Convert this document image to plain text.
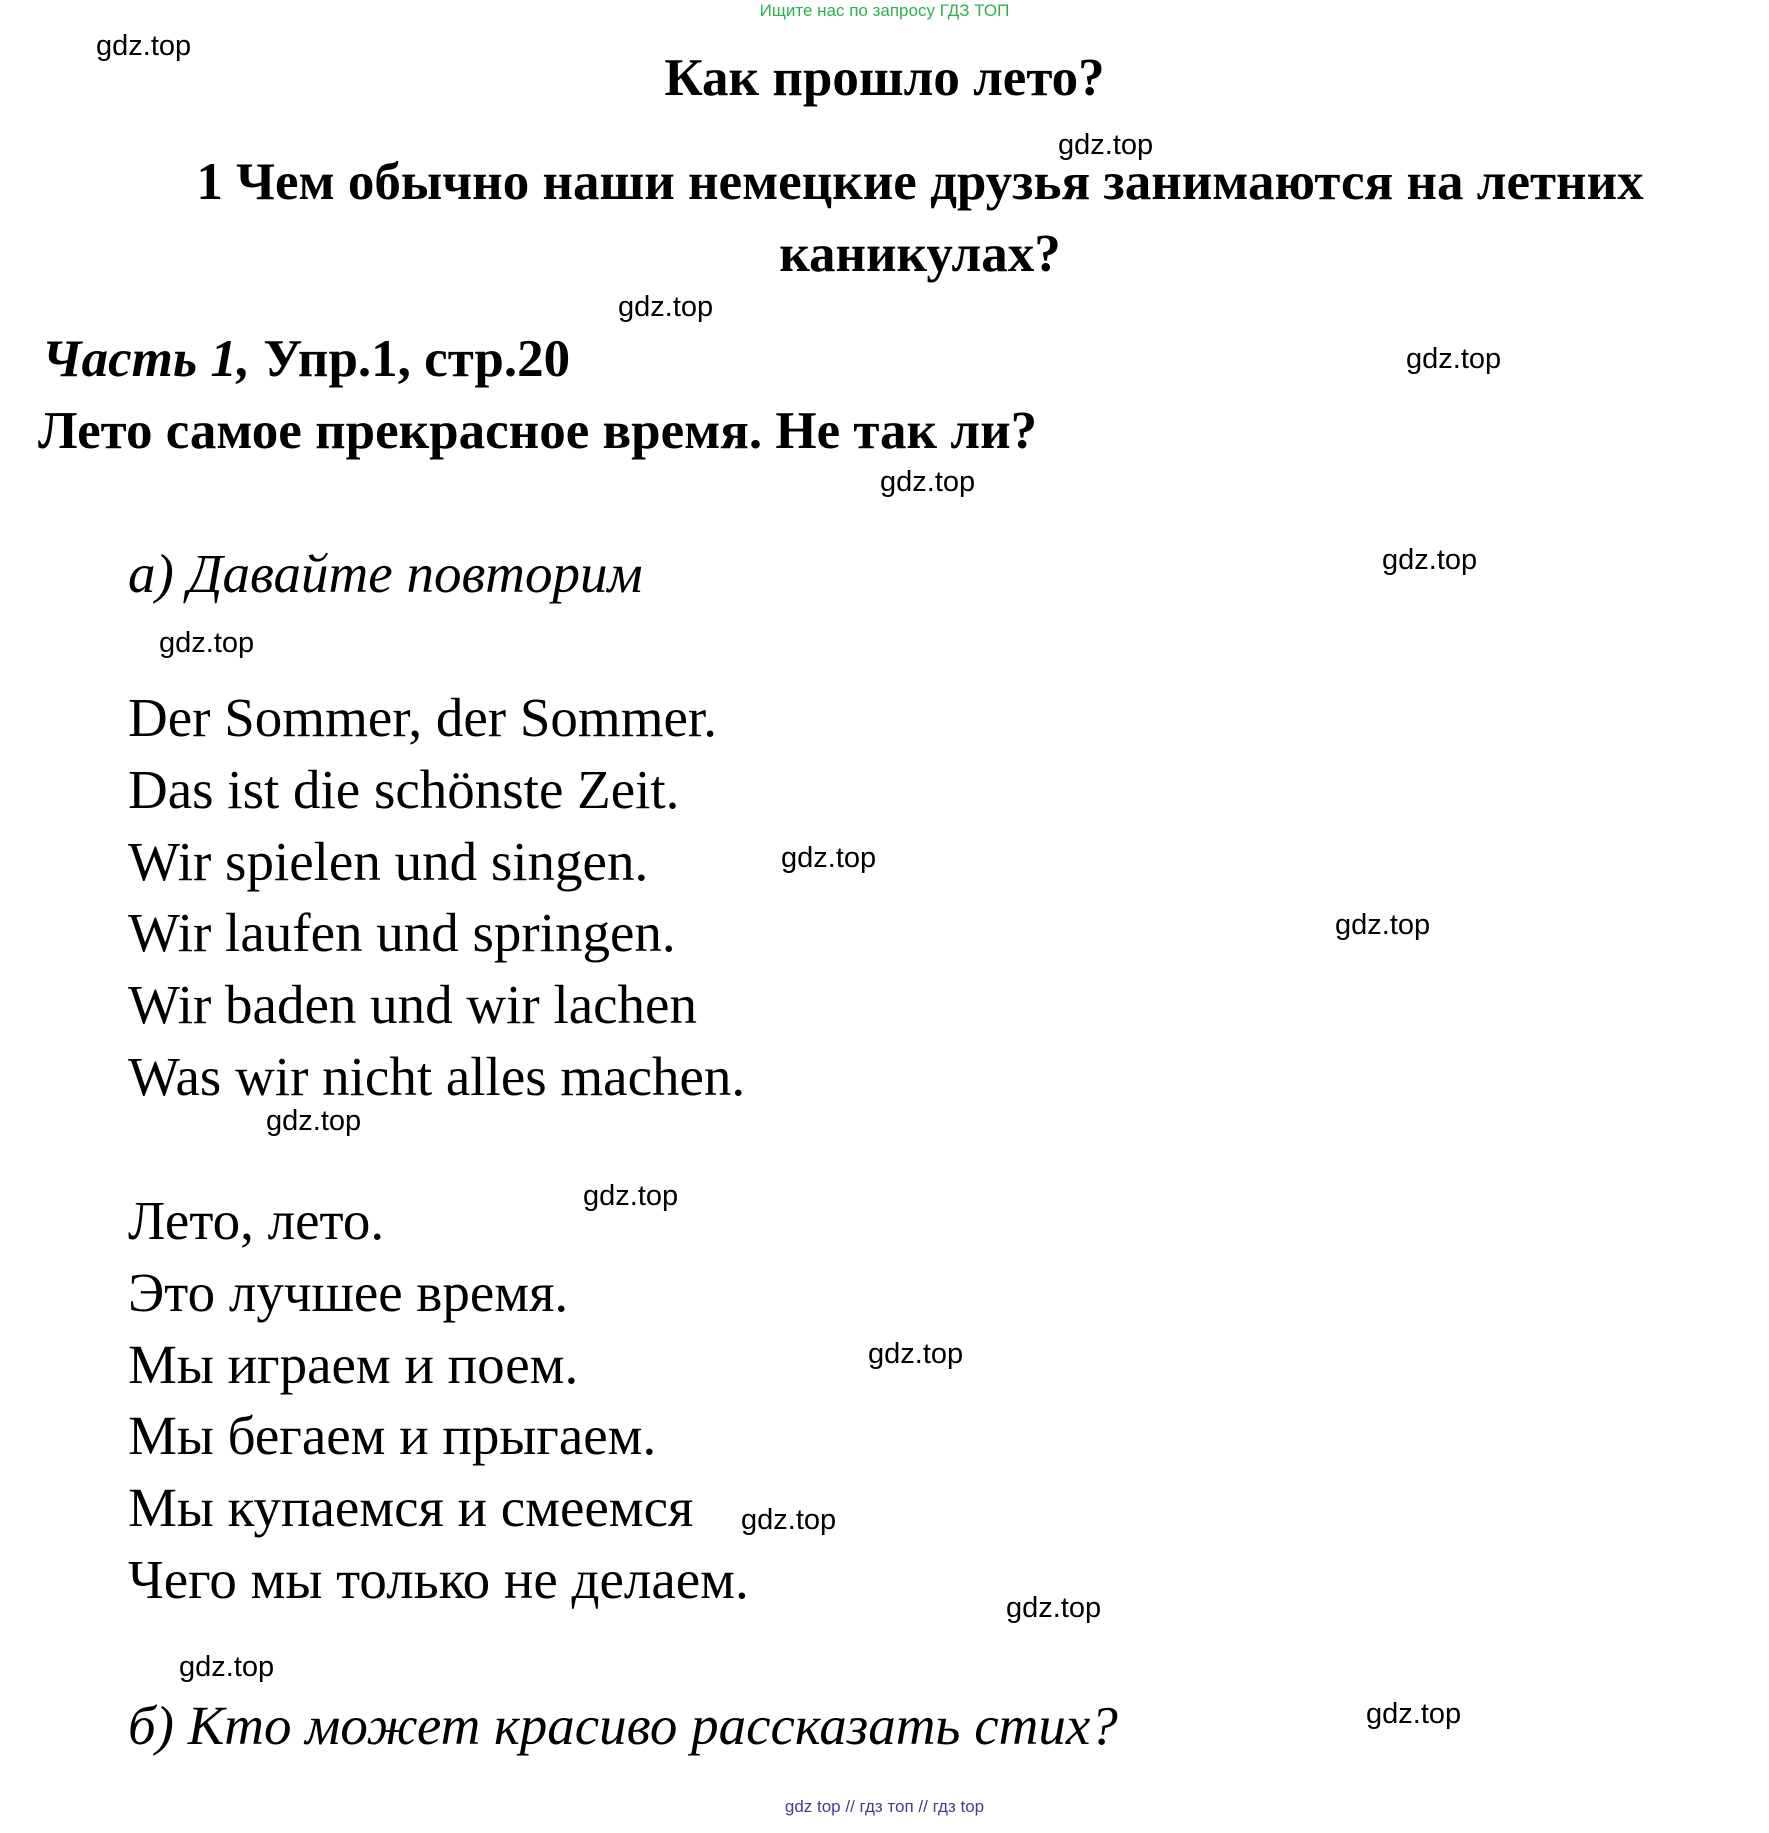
Ищите нас по запросу ГДЗ ТОП
Как прошло лето?
1 Чем обычно наши немецкие друзья занимаются на летних каникулах?
Часть 1, Упр.1, стр.20
Лето самое прекрасное время. Не так ли?
а) Давайте повторим
Der Sommer, der Sommer.
Das ist die schönste Zeit.
Wir spielen und singen.
Wir laufen und springen.
Wir baden und wir lachen
Was wir nicht alles machen.
Лето, лето.
Это лучшее время.
Мы играем и поем.
Мы бегаем и прыгаем.
Мы купаемся и смеемся
Чего мы только не делаем.
б) Кто может красиво рассказать стих?
gdz.top
gdz.top
gdz.top
gdz.top
gdz.top
gdz.top
gdz.top
gdz.top
gdz.top
gdz.top
gdz.top
gdz.top
gdz.top
gdz.top
gdz.top
gdz.top
gdz top // гдз топ // гдз top
